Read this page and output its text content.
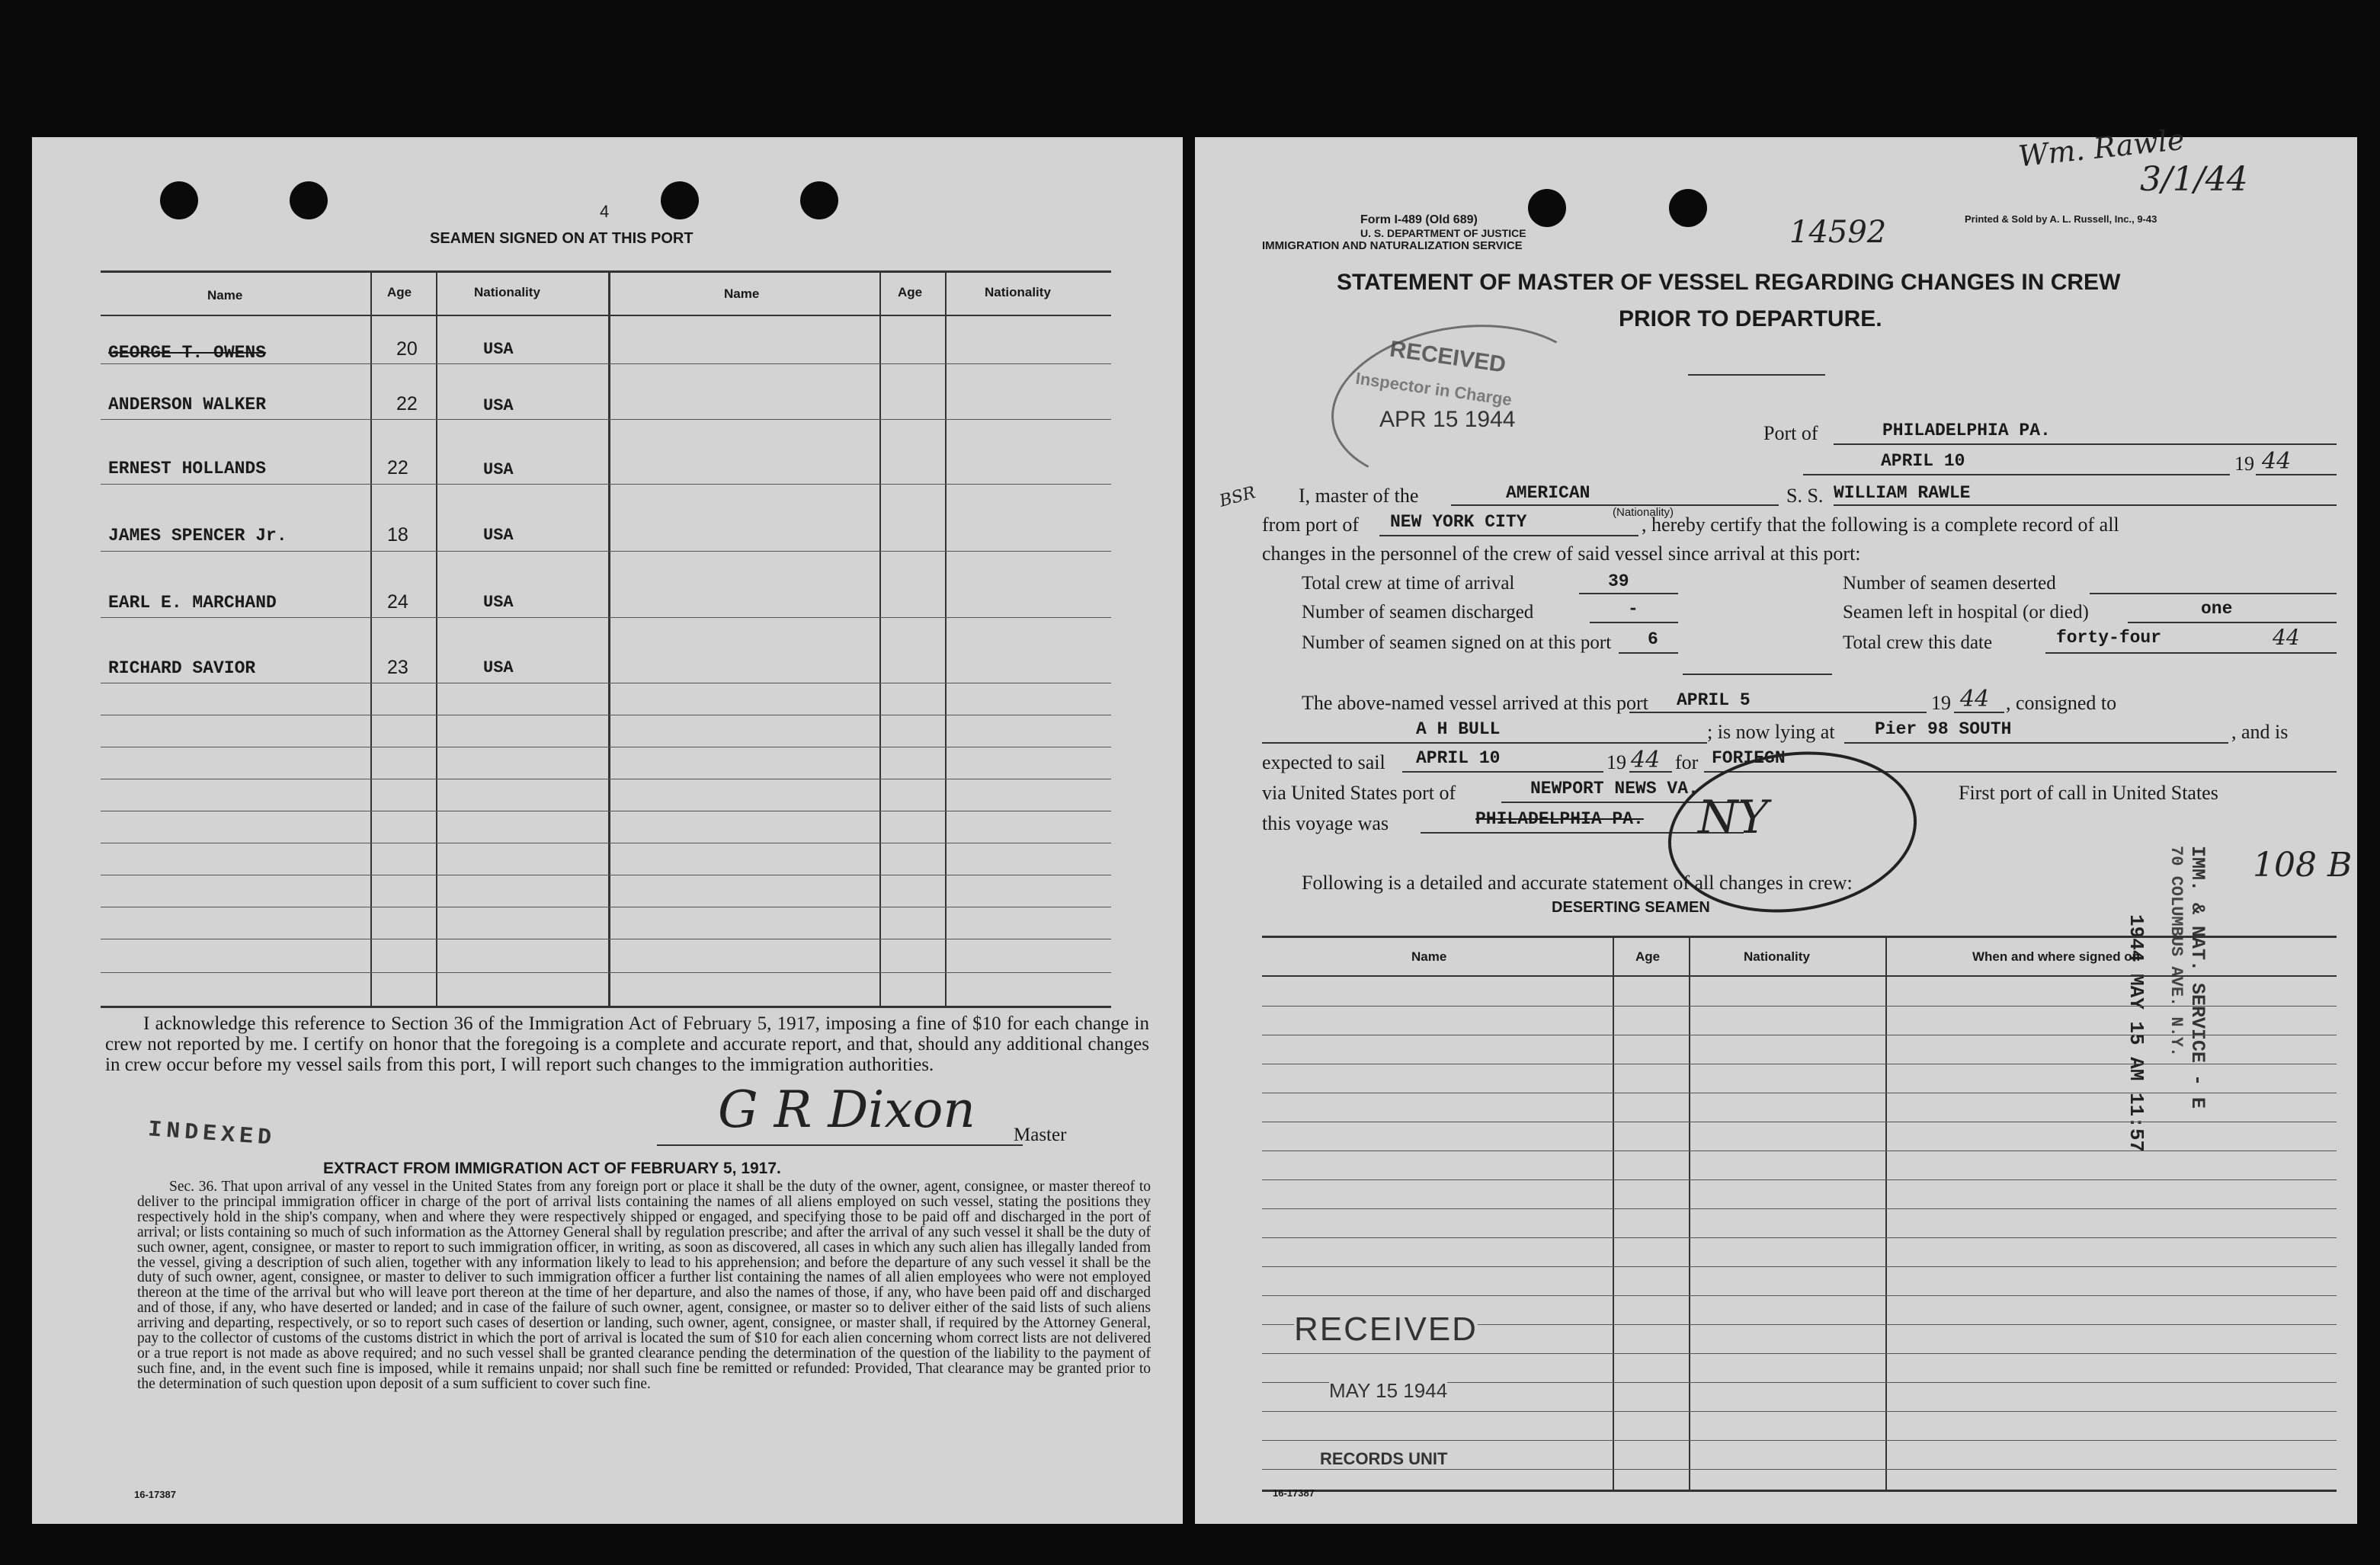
4
SEAMEN SIGNED ON AT THIS PORT
Name	Age	Nationality	Name	Age	Nationality
GEORGE T. OWENS	20	USA
ANDERSON WALKER	22	USA
ERNEST HOLLANDS	22	USA
JAMES SPENCER Jr.	18	USA
EARL E. MARCHAND	24	USA
RICHARD SAVIOR	23	USA
I acknowledge this reference to Section 36 of the Immigration Act of February 5, 1917, imposing a fine of $10 for each change in crew not reported by me. I certify on honor that the foregoing is a complete and accurate report, and that, should any additional changes in crew occur before my vessel sails from this port, I will report such changes to the immigration authorities.
INDEXED	G R Dixon Master
EXTRACT FROM IMMIGRATION ACT OF FEBRUARY 5, 1917.
Sec. 36. That upon arrival of any vessel in the United States from any foreign port or place it shall be the duty of the owner, agent, consignee, or master thereof to deliver to the principal immigration officer in charge of the port of arrival lists containing the names of all aliens employed on such vessel, stating the positions they respectively hold in the ship's company, when and where they were respectively shipped or engaged, and specifying those to be paid off and discharged in the port of arrival; or lists containing so much of such information as the Attorney General shall by regulation prescribe; and after the arrival of any such vessel it shall be the duty of such owner, agent, consignee, or master to report to such immigration officer, in writing, as soon as discovered, all cases in which any such alien has illegally landed from the vessel, giving a description of such alien, together with any information likely to lead to his apprehension; and before the departure of any such vessel it shall be the duty of such owner, agent, consignee, or master to deliver to such immigration officer a further list containing the names of all alien employees who were not employed thereon at the time of the arrival but who will leave port thereon at the time of her departure, and also the names of those, if any, who have been paid off and discharged and of those, if any, who have deserted or landed; and in case of the failure of such owner, agent, consignee, or master so to deliver either of the said lists of such aliens arriving and departing, respectively, or so to report such cases of desertion or landing, such owner, agent, consignee, or master shall, if required by the Attorney General, pay to the collector of customs of the customs district in which the port of arrival is located the sum of $10 for each alien concerning whom correct lists are not delivered or a true report is not made as above required; and no such vessel shall be granted clearance pending the determination of the question of the liability to the payment of such fine, and, in the event such fine is imposed, while it remains unpaid; nor shall such fine be remitted or refunded: Provided, That clearance may be granted prior to the determination of such question upon deposit of a sum sufficient to cover such fine.
16-17387
Wm. Rawle
3/1/44
Form I-489 (Old 689)
U. S. DEPARTMENT OF JUSTICE
IMMIGRATION AND NATURALIZATION SERVICE
Printed & Sold by A. L. Russell, Inc., 9-43
14592
STATEMENT OF MASTER OF VESSEL REGARDING CHANGES IN CREW
PRIOR TO DEPARTURE.
RECEIVED
Inspector in Charge
APR 15 1944
Port of	PHILADELPHIA PA.
APRIL 10	19 44
BSR I, master of the	AMERICAN
(Nationality)
S. S. WILLIAM RAWLE
from port of NEW YORK CITY	, hereby certify that the following is a complete record of all
changes in the personnel of the crew of said vessel since arrival at this port:
Total crew at time of arrival	39
Number of seamen discharged	-
Number of seamen signed on at this port 6
Number of seamen deserted
Seamen left in hospital (or died)	one
Total crew this date	forty-four	44
The above-named vessel arrived at this port APRIL 5	19 44 , consigned to
A H BULL	; is now lying at Pier 98 SOUTH	, and is
expected to sail APRIL 10	19 44 for FORIEGN
via United States port of	NEWPORT NEWS VA.	First port of call in United States
this voyage was	PHILADELPHIA PA. NY
Following is a detailed and accurate statement of all changes in crew:
DESERTING SEAMEN
1944 MAY 15 AM 11:57 IMM. & NAT. SERVICE - E
70 COLUMBUS AVE. N.Y. 108 B
Name	Age	Nationality	When and where signed on
RECEIVED
MAY 15 1944
RECORDS UNIT
16-17387
